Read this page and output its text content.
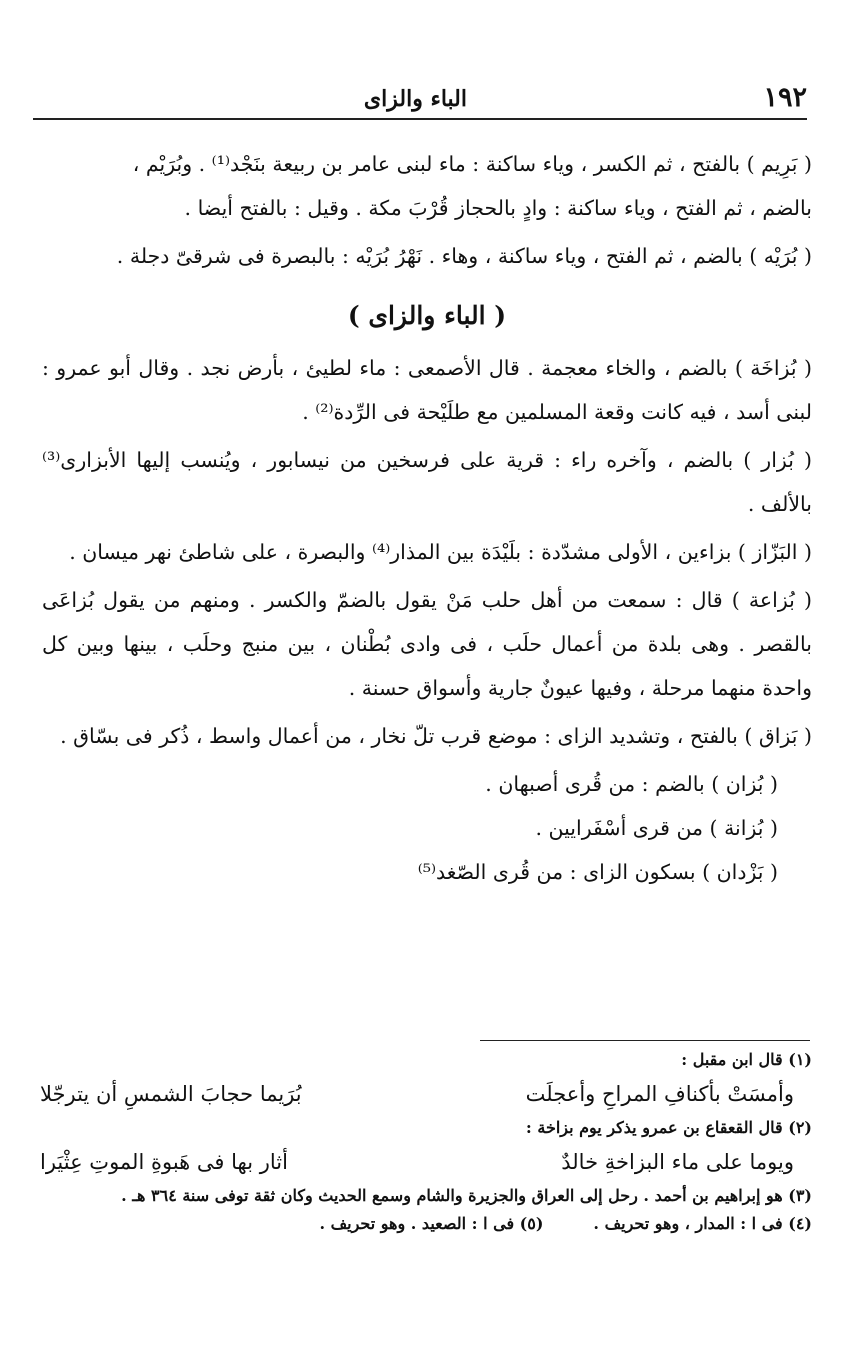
١٩٢
الباء والزاى

( بَرِيم ) بالفتح ، ثم الكسر ، وياء ساكنة : ماء لبنى عامر بن ربيعة بنَجْد⁽¹⁾ . وبُرَيْم ،

بالضم ، ثم الفتح ، وياء ساكنة : وادٍ بالحجاز قُرْبَ مكة . وقيل : بالفتح أيضا .

( بُرَيْه ) بالضم ، ثم الفتح ، وياء ساكنة ، وهاء . نَهْرُ بُرَيْه : بالبصرة فى شرقىّ دجلة .

( الباء والزاى )

( بُزاخَة ) بالضم ، والخاء معجمة . قال الأصمعى : ماء لطيئ ، بأرض نجد . وقال أبو عمرو : لبنى أسد ، فيه كانت وقعة المسلمين مع طلَيْحة فى الرِّدة⁽²⁾ .

( بُزار ) بالضم ، وآخره راء : قرية على فرسخين من نيسابور ، ويُنسب إليها الأبزارى⁽³⁾ بالألف .

( البَزّاز ) بزاءين ، الأولى مشدّدة : بلَيْدَة بين المذار⁽⁴⁾ والبصرة ، على شاطئ نهر ميسان .

( بُزاعة ) قال : سمعت من أهل حلب مَنْ يقول بالضمّ والكسر . ومنهم من يقول بُزاعَى بالقصر . وهى بلدة من أعمال حلَب ، فى وادى بُطْنان ، بين منبج وحلَب ، بينها وبين كل واحدة منهما مرحلة ، وفيها عيونٌ جارية وأسواق حسنة .

( بَزاق ) بالفتح ، وتشديد الزاى : موضع قرب تلّ نخار ، من أعمال واسط ، ذُكر فى بسّاق .

( بُزان ) بالضم : من قُرى أصبهان .

( بُزانة ) من قرى أسْفَرايين .

( بَزْدان ) بسكون الزاى : من قُرى الصّغد⁽⁵⁾

(١) قال ابن مقبل :

وأمسَتْ بأكنافِ المراحِ وأعجلَت
بُرَيما حجابَ الشمسِ أن يترجّلا

(٢) قال القعقاع بن عمرو يذكر يوم بزاخة :

ويوما على ماء البزاخةِ خالدٌ
أثار بها فى هَبوةِ الموتِ عِثْيَرا

(٣) هو إبراهيم بن أحمد . رحل إلى العراق والجزيرة والشام وسمع الحديث وكان ثقة توفى سنة ٣٦٤ هـ .

(٤) فى ا : المدار ، وهو تحريف .
(٥) فى ا : الصعيد . وهو تحريف .
